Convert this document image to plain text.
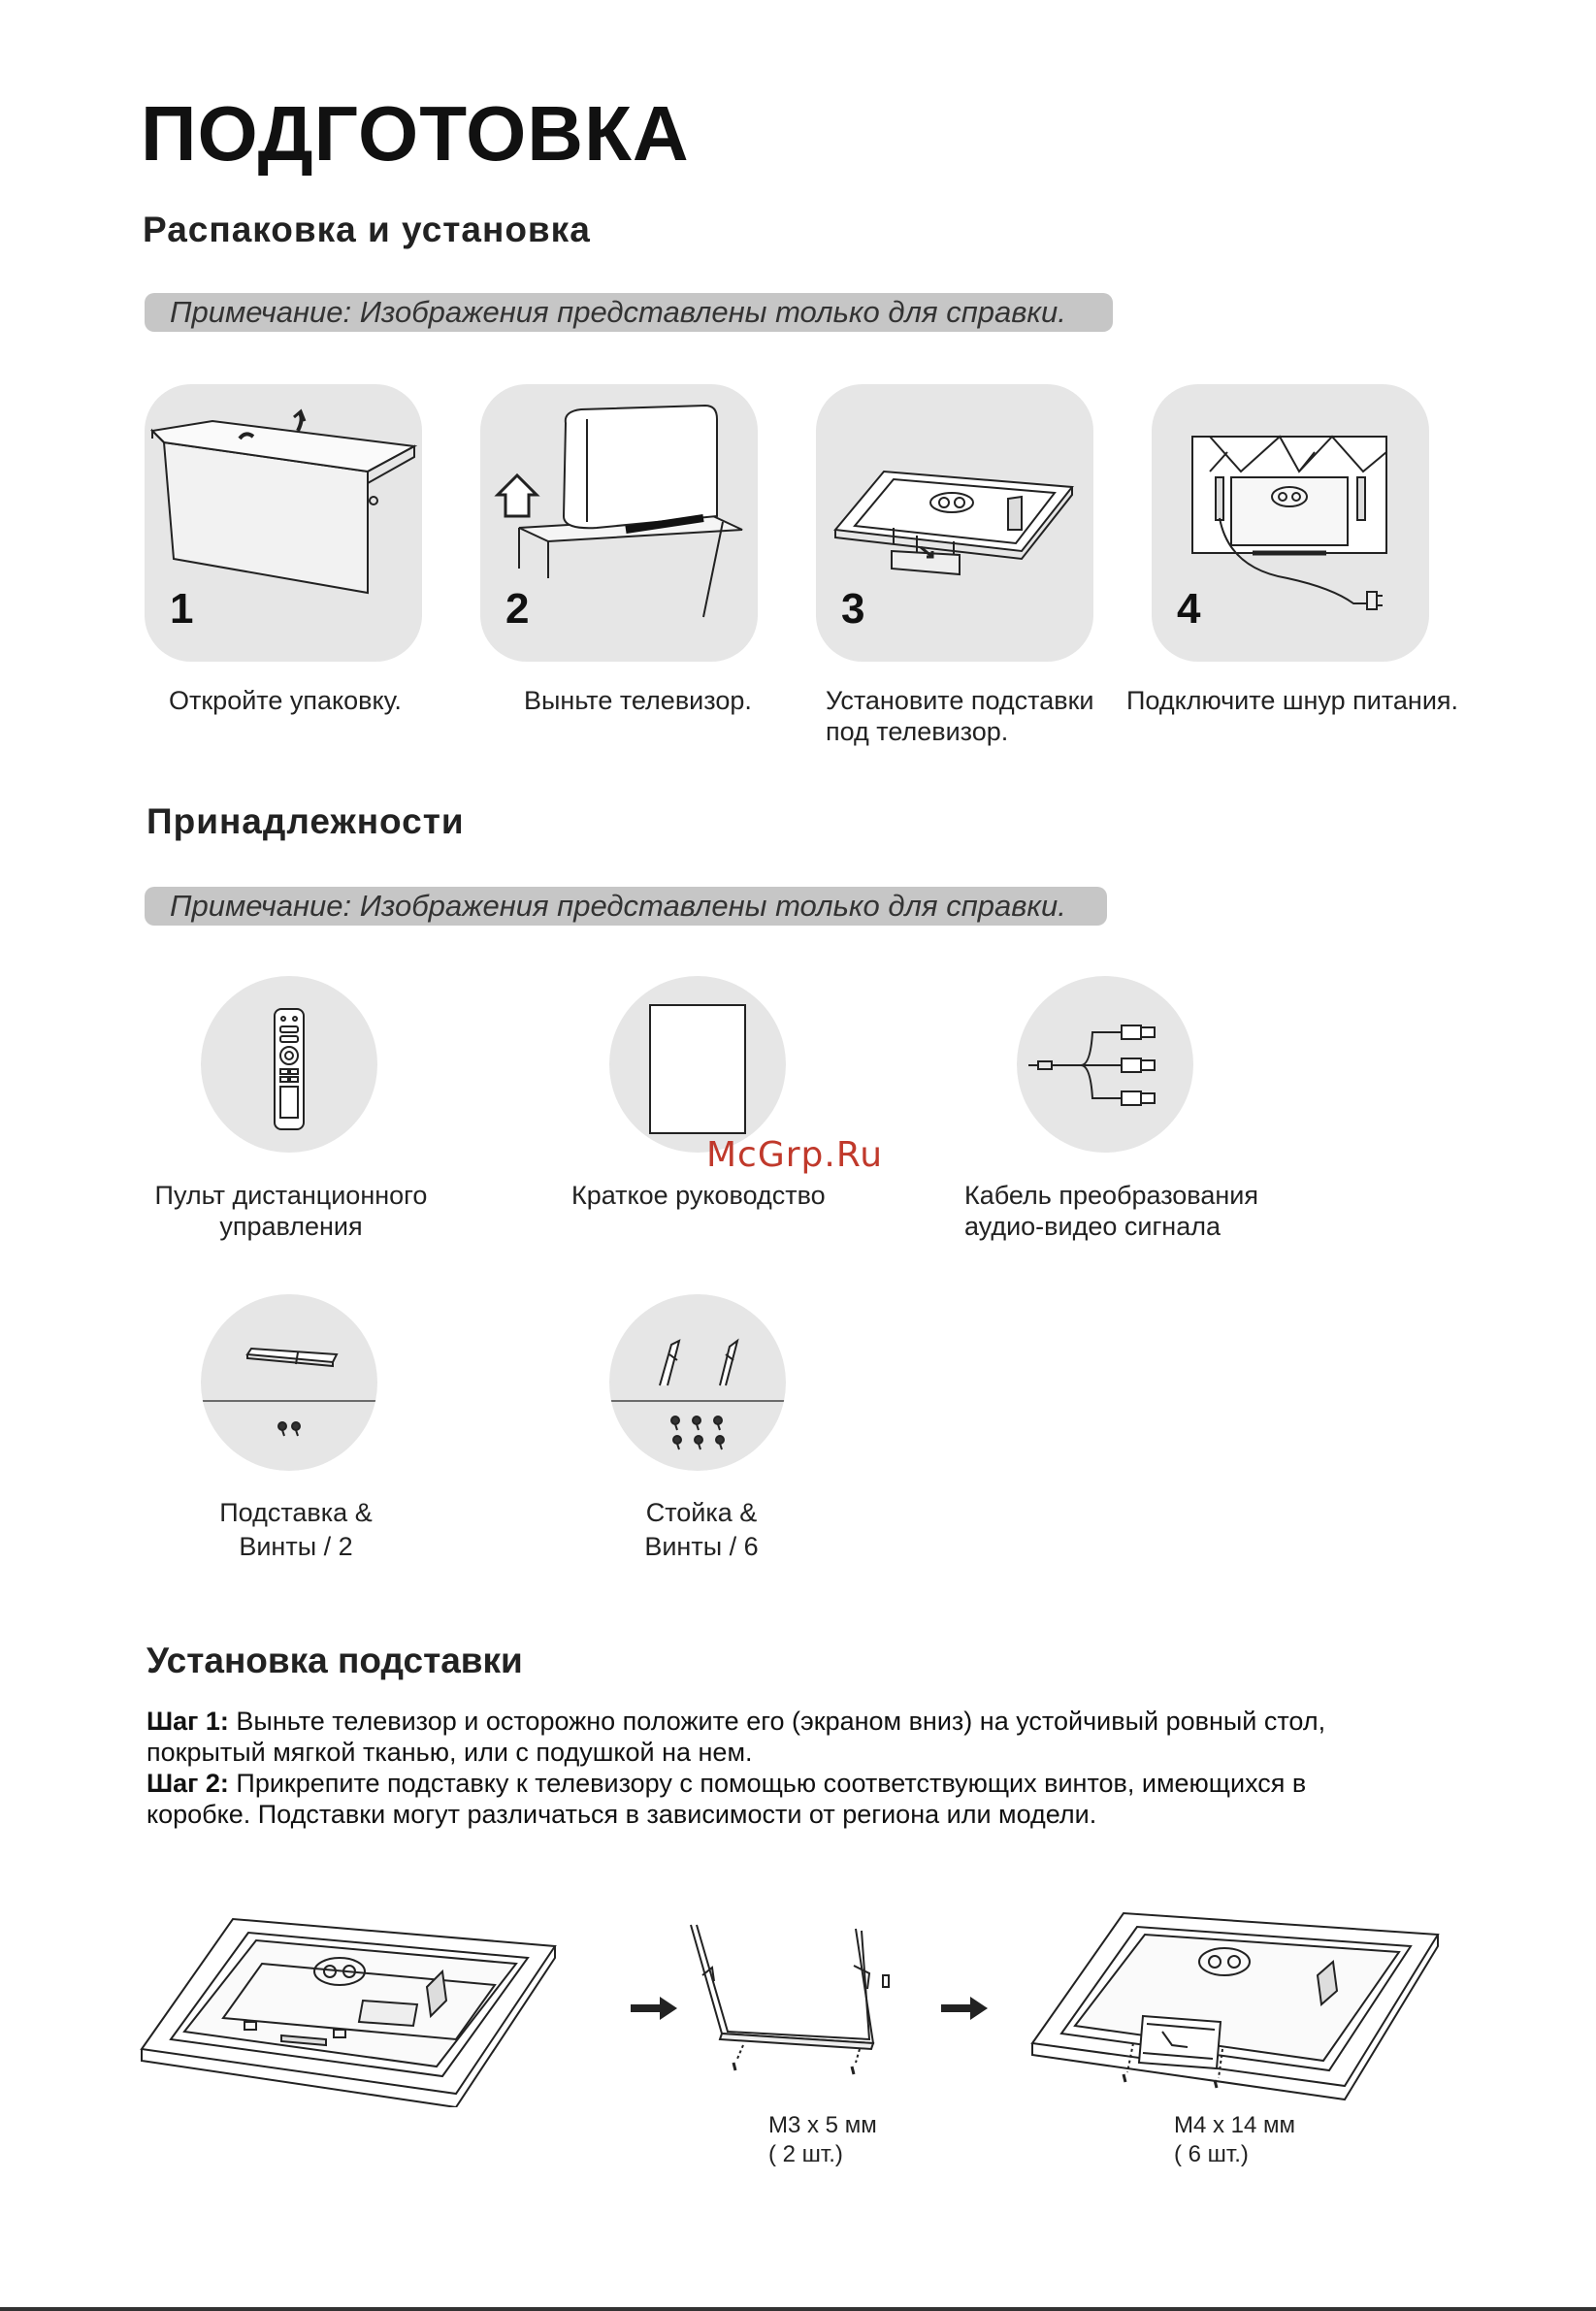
ПОДГОТОВКА
Распаковка и установка
Примечание: Изображения представлены только для справки.
1	2	3	4
Откройте упаковку.	Выньте телевизор.	Установите подставки
под телевизор.
Подключите шнур питания.
Принадлежности
Примечание: Изображения представлены только для справки.
Пульт дистанционного
управления
Краткое руководство	Кабель преобразования
аудио-видео сигнала
Подставка &
Винты / 2
Стойка &
Винты / 6
McGrp.Ru
Установка подставки
Шаг 1: Выньте телевизор и осторожно положите его (экраном вниз) на устойчивый ровный стол,
покрытый мягкой тканью, или с подушкой на нем.
Шаг 2: Прикрепите подставку к телевизору с помощью соответствующих винтов, имеющихся в
коробке. Подставки могут различаться в зависимости от региона или модели.
M3 x 5 мм
( 2 шт.)
M4 x 14 мм
( 6 шт.)
